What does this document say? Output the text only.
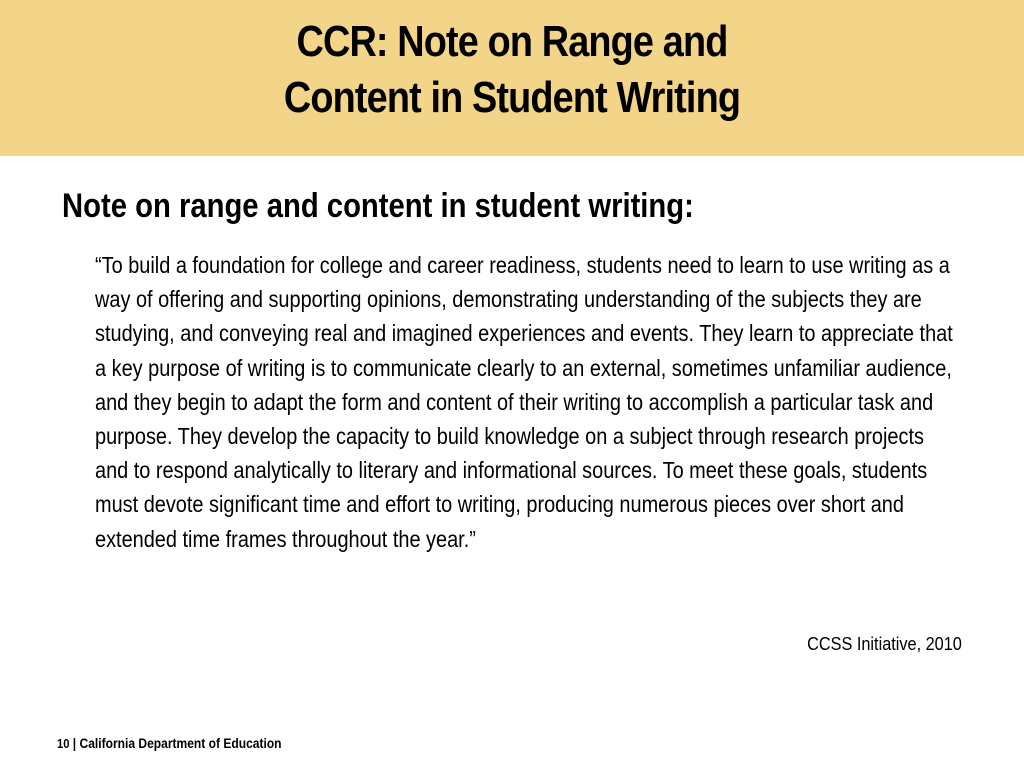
CCR: Note on Range and
Content in Student Writing
Note on range and content in student writing:

“To build a foundation for college and career readiness, students need to learn to use writing as a way of offering and supporting opinions, demonstrating understanding of the subjects they are studying, and conveying real and imagined experiences and events. They learn to appreciate that a key purpose of writing is to communicate clearly to an external, sometimes unfamiliar audience, and they begin to adapt the form and content of their writing to accomplish a particular task and purpose. They develop the capacity to build knowledge on a subject through research projects and to respond analytically to literary and informational sources. To meet these goals, students must devote significant time and effort to writing, producing numerous pieces over short and extended time frames throughout the year.”

CCSS Initiative, 2010

10 | California Department of Education
